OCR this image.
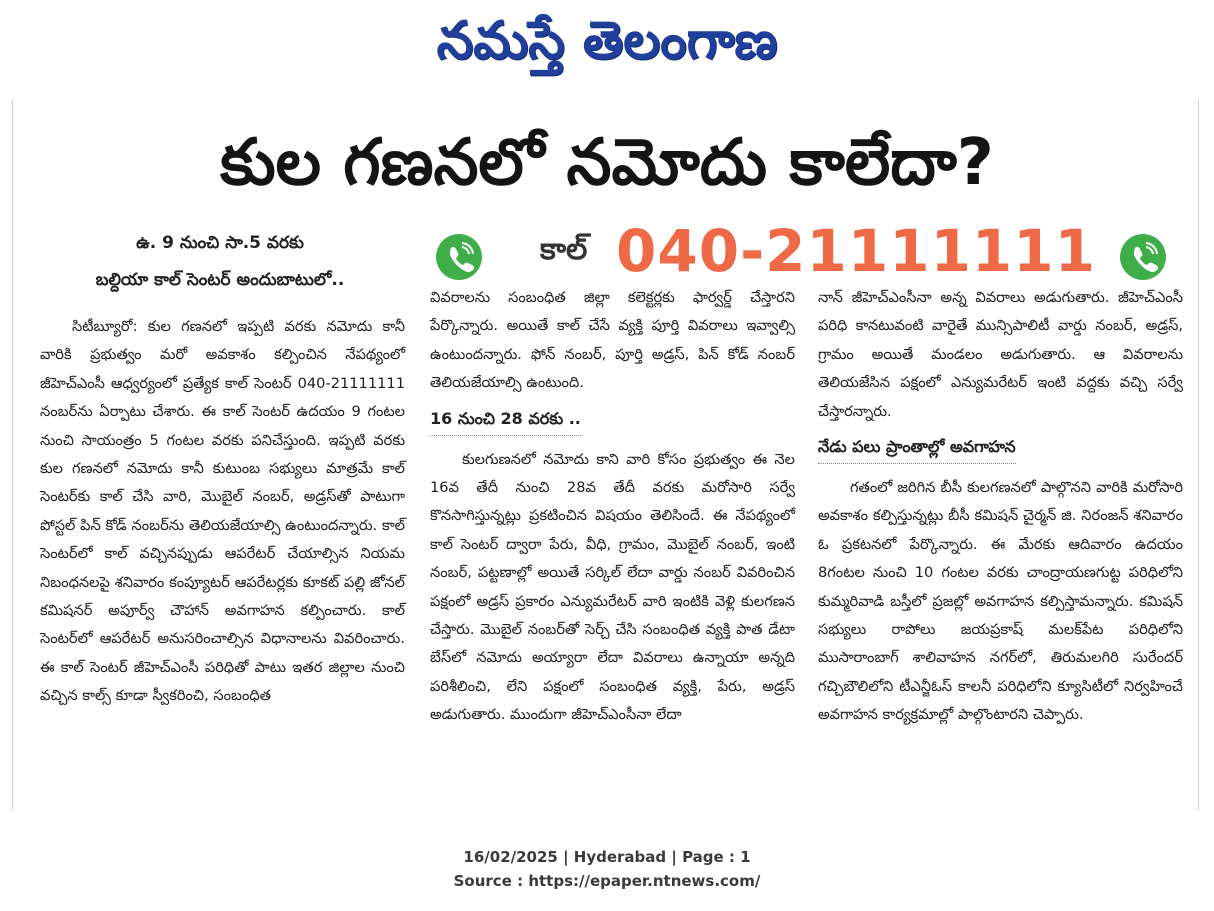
నమస్తే తెలంగాణ
కుల గణనలో నమోదు కాలేదా?
ఉ. 9 నుంచి సా.5 వరకు
బల్దియా కాల్‌ సెంటర్‌ అందుబాటులో..
కాల్‌ 040-21111111

సిటీబ్యూరో: కుల గణనలో ఇప్పటి వరకు నమోదు కానీ వారికి ప్రభుత్వం మరో అవకాశం కల్పించిన నేపథ్యంలో జీహెచ్‌ఎంసీ ఆధ్వర్యంలో ప్రత్యేక కాల్‌ సెంటర్‌ 040-21111111 నంబర్‌ను ఏర్పాటు చేశారు. ఈ కాల్‌ సెంటర్‌ ఉదయం 9 గంటల నుంచి సాయంత్రం 5 గంటల వరకు పనిచేస్తుంది. ఇప్పటి వరకు కుల గణనలో నమోదు కానీ కుటుంబ సభ్యులు మాత్రమే కాల్‌ సెంటర్‌కు కాల్‌ చేసి వారి, మొబైల్‌ నంబర్‌, అడ్రస్‌తో పాటుగా పోస్టల్‌ పిన్‌ కోడ్‌ నంబర్‌ను తెలియజేయాల్సి ఉంటుందన్నారు. కాల్‌ సెంటర్‌లో కాల్‌ వచ్చినప్పుడు ఆపరేటర్‌ చేయాల్సిన నియమ నిబంధనలపై శనివారం కంప్యూటర్‌ ఆపరేటర్లకు కూకట్‌ పల్లి జోనల్‌ కమిషనర్‌ అపూర్వ్‌ చౌహాన్‌ అవగాహన కల్పించారు. కాల్‌ సెంటర్‌లో ఆపరేటర్‌ అనుసరించాల్సిన విధానాలను వివరించారు. ఈ కాల్‌ సెంటర్‌ జీహెచ్‌ఎంసీ పరిధితో పాటు ఇతర జిల్లాల నుంచి వచ్చిన కాల్స్‌ కూడా స్వీకరించి, సంబంధిత

వివరాలను సంబంధిత జిల్లా కలెక్టర్లకు ఫార్వర్డ్‌ చేస్తారని పేర్కొన్నారు. అయితే కాల్‌ చేసే వ్యక్తి పూర్తి వివరాలు ఇవ్వాల్సి ఉంటుందన్నారు. ఫోన్‌ నంబర్‌, పూర్తి అడ్రస్‌, పిన్‌ కోడ్‌ నంబర్‌ తెలియజేయాల్సి ఉంటుంది.

16 నుంచి 28 వరకు ..

కులగుణనలో నమోదు కాని వారి కోసం ప్రభుత్వం ఈ నెల 16వ తేదీ నుంచి 28వ తేదీ వరకు మరోసారి సర్వే కొనసాగిస్తున్నట్లు ప్రకటించిన విషయం తెలిసిందే. ఈ నేపథ్యంలో కాల్‌ సెంటర్‌ ద్వారా పేరు, వీధి, గ్రామం, మొబైల్‌ నంబర్‌, ఇంటి నంబర్‌, పట్టణాల్లో అయితే సర్కిల్‌ లేదా వార్డు నంబర్‌ వివరించిన పక్షంలో అడ్రస్‌ ప్రకారం ఎన్యుమరేటర్‌ వారి ఇంటికి వెళ్లి కులగణన చేస్తారు. మొబైల్‌ నంబర్‌తో సెర్చ్‌ చేసి సంబంధిత వ్యక్తి పాత డేటా బేస్‌లో నమోదు అయ్యారా లేదా వివరాలు ఉన్నాయా అన్నది పరిశీలించి, లేని పక్షంలో సంబంధిత వ్యక్తి, పేరు, అడ్రస్‌ అడుగుతారు. ముందుగా జీహెచ్‌ఎంసీనా లేదా

నాన్‌ జీహెచ్‌ఎంసీనా అన్న వివరాలు అడుగుతారు. జీహెచ్‌ఎంసీ పరిధి కానటువంటి వారైతే మున్సిపాలిటీ వార్డు నంబర్‌, అడ్రస్‌, గ్రామం అయితే మండలం అడుగుతారు. ఆ వివరాలను తెలియజేసిన పక్షంలో ఎన్యుమరేటర్‌ ఇంటి వద్దకు వచ్చి సర్వే చేస్తారన్నారు.

నేడు పలు ప్రాంతాల్లో అవగాహన

గతంలో జరిగిన బీసీ కులగణనలో పాల్గొనని వారికి మరోసారి అవకాశం కల్పిస్తున్నట్లు బీసీ కమిషన్‌ చైర్మన్‌ జి. నిరంజన్‌ శనివారం ఓ ప్రకటనలో పేర్కొన్నారు. ఈ మేరకు ఆదివారం ఉదయం 8గంటల నుంచి 10 గంటల వరకు చాంద్రాయణగుట్ట పరిధిలోని కుమ్మరివాడి బస్తీలో ప్రజల్లో అవగాహన కల్పిస్తామన్నారు. కమిషన్‌ సభ్యులు రాపోలు జయప్రకాష్‌ మలక్‌పేట పరిధిలోని ముసారాంబాగ్‌ శాలివాహన నగర్‌లో, తిరుమలగిరి సురేందర్‌ గచ్చిబౌలిలోని టీఎన్జీఓస్‌ కాలనీ పరిధిలోని క్యూసిటీలో నిర్వహించే అవగాహన కార్యక్రమాల్లో పాల్గొంటారని చెప్పారు.

16/02/2025 | Hyderabad | Page : 1
Source : https://epaper.ntnews.com/
